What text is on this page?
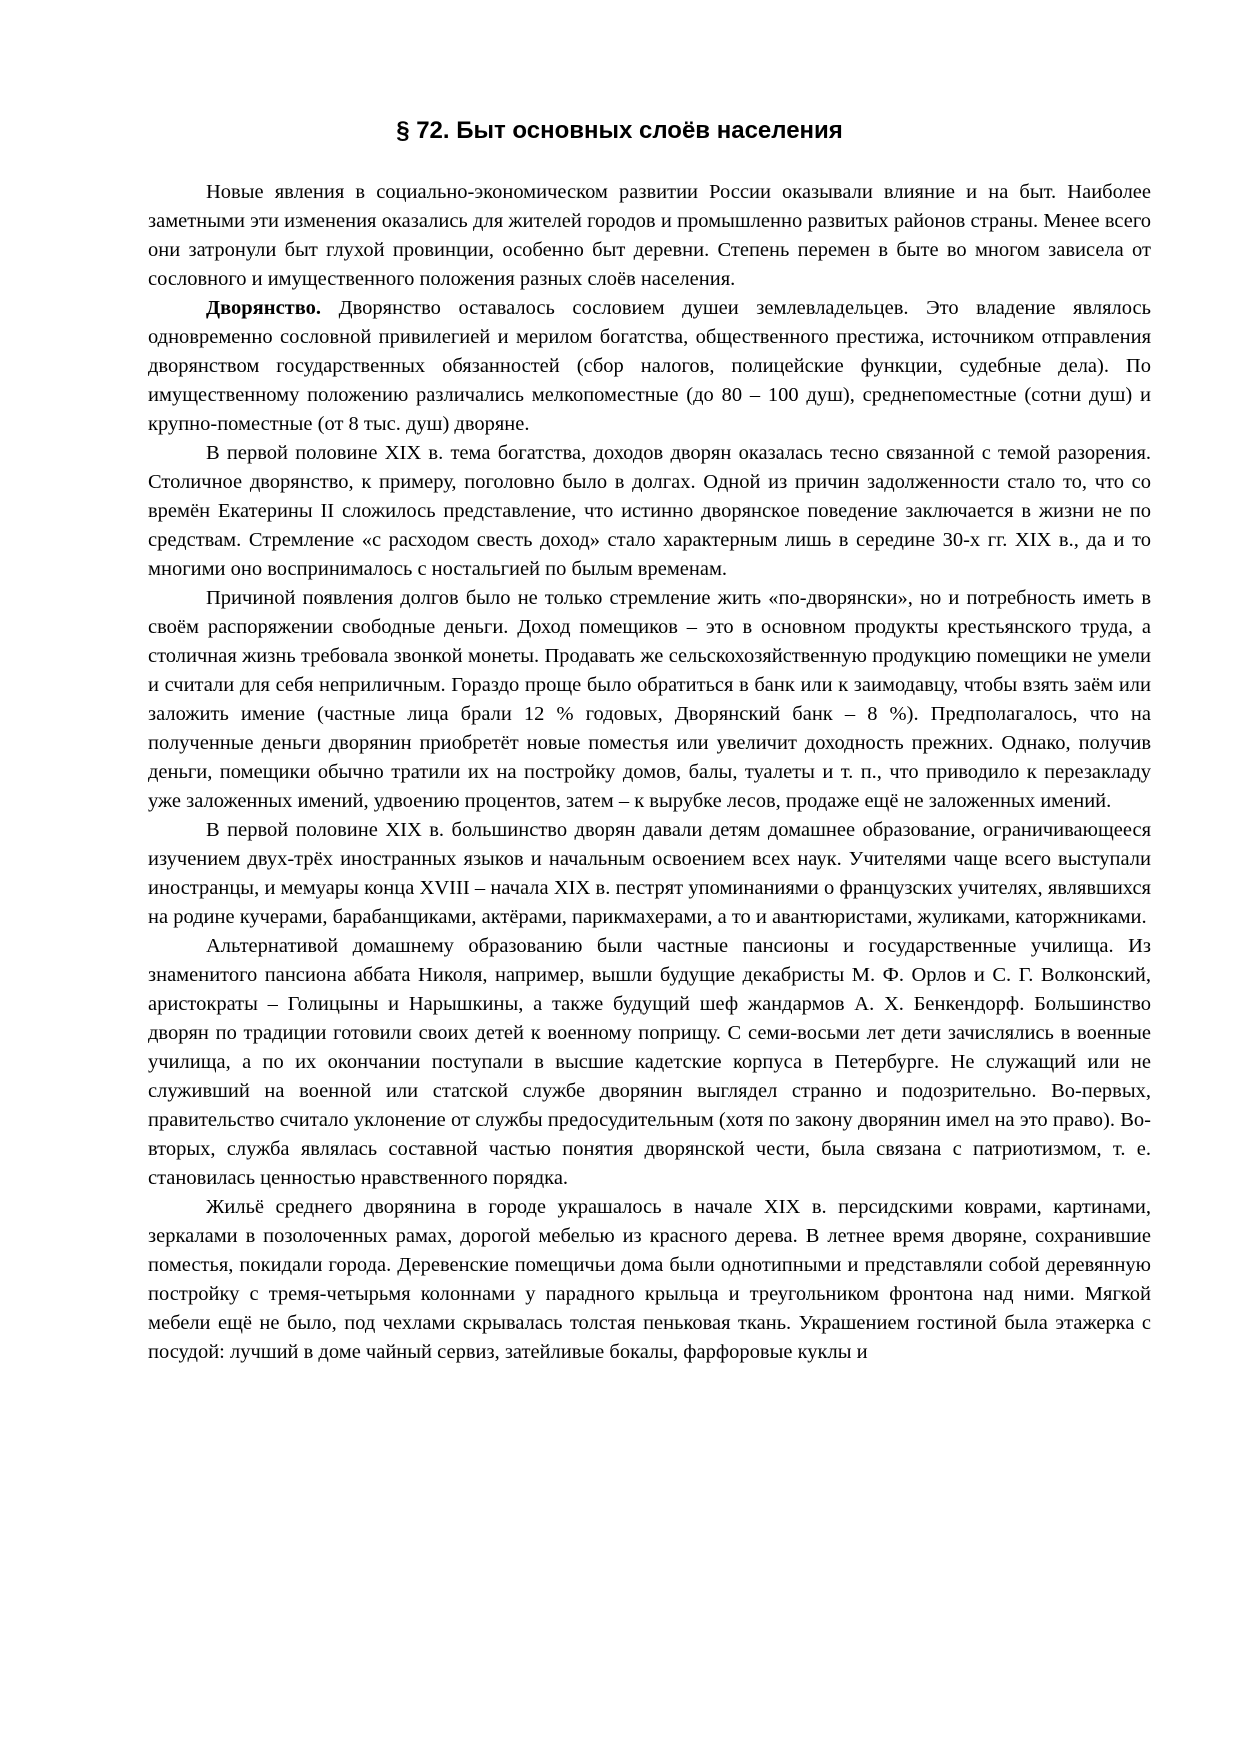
§ 72. Быт основных слоёв населения

Новые явления в социально-экономическом развитии России оказывали влияние и на быт. Наиболее заметными эти изменения оказались для жителей городов и промышленно развитых районов страны. Менее всего они затронули быт глухой провинции, особенно быт деревни. Степень перемен в быте во многом зависела от сословного и имущественного положения разных слоёв населения.

Дворянство. Дворянство оставалось сословием душеи землевладельцев. Это владение являлось одновременно сословной привилегией и мерилом богатства, общественного престижа, источником отправления дворянством государственных обязанностей (сбор налогов, полицейские функции, судебные дела). По имущественному положению различались мелкопоместные (до 80 – 100 душ), среднепоместные (сотни душ) и крупно-поместные (от 8 тыс. душ) дворяне.

В первой половине XIX в. тема богатства, доходов дворян оказалась тесно связанной с темой разорения. Столичное дворянство, к примеру, поголовно было в долгах. Одной из причин задолженности стало то, что со времён Екатерины II сложилось представление, что истинно дворянское поведение заключается в жизни не по средствам. Стремление «с расходом свесть доход» стало характерным лишь в середине 30-х гг. XIX в., да и то многими оно воспринималось с ностальгией по былым временам.

Причиной появления долгов было не только стремление жить «по-дворянски», но и потребность иметь в своём распоряжении свободные деньги. Доход помещиков – это в основном продукты крестьянского труда, а столичная жизнь требовала звонкой монеты. Продавать же сельскохозяйственную продукцию помещики не умели и считали для себя неприличным. Гораздо проще было обратиться в банк или к заимодавцу, чтобы взять заём или заложить имение (частные лица брали 12 % годовых, Дворянский банк – 8 %). Предполагалось, что на полученные деньги дворянин приобретёт новые поместья или увеличит доходность прежних. Однако, получив деньги, помещики обычно тратили их на постройку домов, балы, туалеты и т. п., что приводило к перезакладу уже заложенных имений, удвоению процентов, затем – к вырубке лесов, продаже ещё не заложенных имений.

В первой половине XIX в. большинство дворян давали детям домашнее образование, ограничивающееся изучением двух-трёх иностранных языков и начальным освоением всех наук. Учителями чаще всего выступали иностранцы, и мемуары конца XVIII – начала XIX в. пестрят упоминаниями о французских учителях, являвшихся на родине кучерами, барабанщиками, актёрами, парикмахерами, а то и авантюристами, жуликами, каторжниками.

Альтернативой домашнему образованию были частные пансионы и государственные училища. Из знаменитого пансиона аббата Николя, например, вышли будущие декабристы М. Ф. Орлов и С. Г. Волконский, аристократы – Голицыны и Нарышкины, а также будущий шеф жандармов А. Х. Бенкендорф. Большинство дворян по традиции готовили своих детей к военному поприщу. С семи-восьми лет дети зачислялись в военные училища, а по их окончании поступали в высшие кадетские корпуса в Петербурге. Не служащий или не служивший на военной или статской службе дворянин выглядел странно и подозрительно. Во-первых, правительство считало уклонение от службы предосудительным (хотя по закону дворянин имел на это право). Во-вторых, служба являлась составной частью понятия дворянской чести, была связана с патриотизмом, т. е. становилась ценностью нравственного порядка.

Жильё среднего дворянина в городе украшалось в начале XIX в. персидскими коврами, картинами, зеркалами в позолоченных рамах, дорогой мебелью из красного дерева. В летнее время дворяне, сохранившие поместья, покидали города. Деревенские помещичьи дома были однотипными и представляли собой деревянную постройку с тремя-четырьмя колоннами у парадного крыльца и треугольником фронтона над ними. Мягкой мебели ещё не было, под чехлами скрывалась толстая пеньковая ткань. Украшением гостиной была этажерка с посудой: лучший в доме чайный сервиз, затейливые бокалы, фарфоровые куклы и
